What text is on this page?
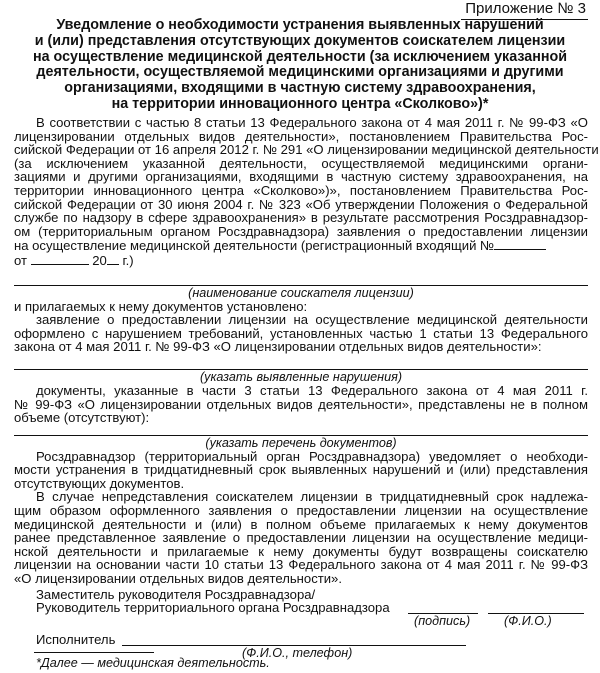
Приложение № 3
Уведомление о необходимости устранения выявленных нарушений
и (или) представления отсутствующих документов соискателем лицензии
на осуществление медицинской деятельности (за исключением указанной
деятельности, осуществляемой медицинскими организациями и другими
организациями, входящими в частную систему здравоохранения,
на территории инновационного центра «Сколково»)*
В соответствии с частью 8 статьи 13 Федерального закона от 4 мая 2011 г. № 99-ФЗ «О
лицензировании отдельных видов деятельности», постановлением Правительства Рос-
сийской Федерации от 16 апреля 2012 г. № 291 «О лицензировании медицинской деятельности
(за исключением указанной деятельности, осуществляемой медицинскими органи-
зациями и другими организациями, входящими в частную систему здравоохранения, на
территории инновационного центра «Сколково»)», постановлением Правительства Рос-
сийской Федерации от 30 июня 2004 г. № 323 «Об утверждении Положения о Федеральной
службе по надзору в сфере здравоохранения» в результате рассмотрения Росздравнадзор-
ом (территориальным органом Росздравнадзора) заявления о предоставлении лицензии
на осуществление медицинской деятельности (регистрационный входящий №
от	20 г.)
(наименование соискателя лицензии)
и прилагаемых к нему документов установлено:
заявление о предоставлении лицензии на осуществление медицинской деятельности
оформлено с нарушением требований, установленных частью 1 статьи 13 Федерального
закона от 4 мая 2011 г. № 99-ФЗ «О лицензировании отдельных видов деятельности»:
(указать выявленные нарушения)
документы, указанные в части 3 статьи 13 Федерального закона от 4 мая 2011 г.
№ 99-ФЗ «О лицензировании отдельных видов деятельности», представлены не в полном
объеме (отсутствуют):
(указать перечень документов)
Росздравнадзор (территориальный орган Росздравнадзора) уведомляет о необходи-
мости устранения в тридцатидневный срок выявленных нарушений и (или) представления
отсутствующих документов.
В случае непредставления соискателем лицензии в тридцатидневный срок надлежа-
щим образом оформленного заявления о предоставлении лицензии на осуществление
медицинской деятельности и (или) в полном объеме прилагаемых к нему документов
ранее представленное заявление о предоставлении лицензии на осуществление медици-
нской деятельности и прилагаемые к нему документы будут возвращены соискателю
лицензии на основании части 10 статьи 13 Федерального закона от 4 мая 2011 г. № 99-ФЗ
«О лицензировании отдельных видов деятельности».
Заместитель руководителя Росздравнадзора/
Руководитель территориального органа Росздравнадзора
(подпись)	(Ф.И.О.)
Исполнитель
(Ф.И.О., телефон)
*Далее — медицинская деятельность.
